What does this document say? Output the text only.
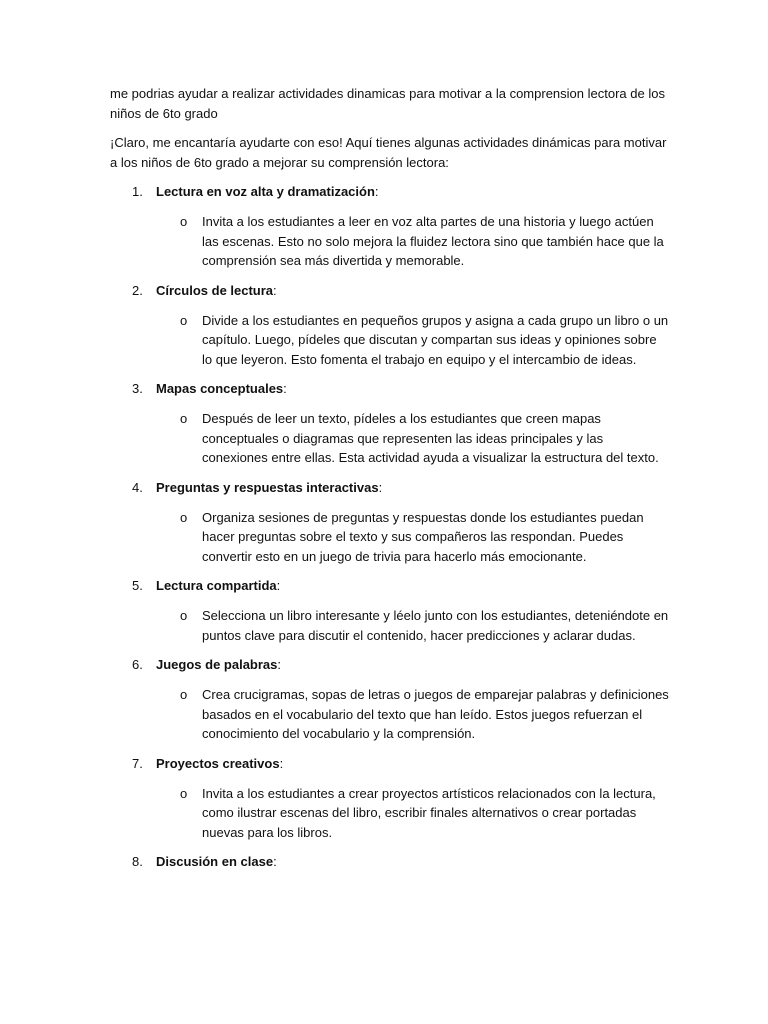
me podrias ayudar a realizar actividades dinamicas para motivar a la comprension lectora de los niños de 6to grado

¡Claro, me encantaría ayudarte con eso! Aquí tienes algunas actividades dinámicas para motivar a los niños de 6to grado a mejorar su comprensión lectora:

1.	Lectura en voz alta y dramatización:
o Invita a los estudiantes a leer en voz alta partes de una historia y luego actúen las escenas. Esto no solo mejora la fluidez lectora sino que también hace que la comprensión sea más divertida y memorable.
2.	Círculos de lectura:
o Divide a los estudiantes en pequeños grupos y asigna a cada grupo un libro o un capítulo. Luego, pídeles que discutan y compartan sus ideas y opiniones sobre lo que leyeron. Esto fomenta el trabajo en equipo y el intercambio de ideas.
3.	Mapas conceptuales:
o Después de leer un texto, pídeles a los estudiantes que creen mapas conceptuales o diagramas que representen las ideas principales y las conexiones entre ellas. Esta actividad ayuda a visualizar la estructura del texto.
4.	Preguntas y respuestas interactivas:
o Organiza sesiones de preguntas y respuestas donde los estudiantes puedan hacer preguntas sobre el texto y sus compañeros las respondan. Puedes convertir esto en un juego de trivia para hacerlo más emocionante.
5.	Lectura compartida:
o Selecciona un libro interesante y léelo junto con los estudiantes, deteniéndote en puntos clave para discutir el contenido, hacer predicciones y aclarar dudas.
6.	Juegos de palabras:
o Crea crucigramas, sopas de letras o juegos de emparejar palabras y definiciones basados en el vocabulario del texto que han leído. Estos juegos refuerzan el conocimiento del vocabulario y la comprensión.
7.	Proyectos creativos:
o Invita a los estudiantes a crear proyectos artísticos relacionados con la lectura, como ilustrar escenas del libro, escribir finales alternativos o crear portadas nuevas para los libros.
8.	Discusión en clase:
